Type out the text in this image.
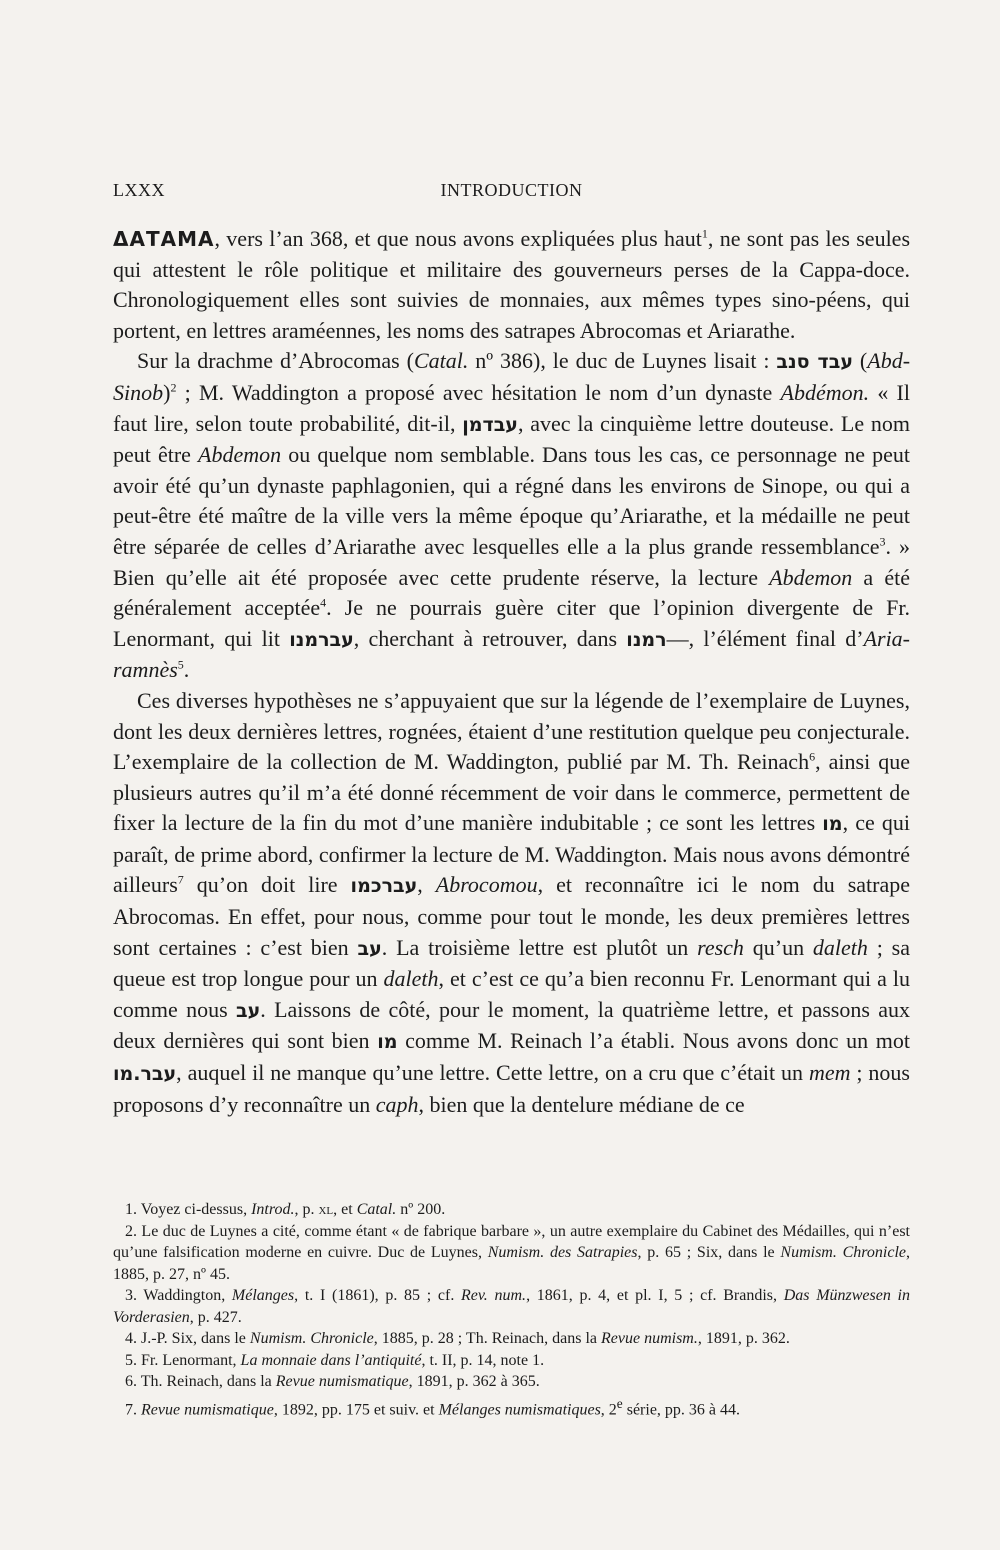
LXXX	INTRODUCTION

ΔΑΤΑΜΑ, vers l’an 368, et que nous avons expliquées plus haut$^1$, ne sont pas les seules qui attestent le rôle politique et militaire des gouverneurs perses de la Cappa-doce. Chronologiquement elles sont suivies de monnaies, aux mêmes types sino-péens, qui portent, en lettres araméennes, les noms des satrapes Abrocomas et Ariarathe.

Sur la drachme d’Abrocomas (Catal. nº 386), le duc de Luynes lisait : עבד סנב (Abd-Sinob)$^2$ ; M. Waddington a proposé avec hésitation le nom d’un dynaste Abdémon. « Il faut lire, selon toute probabilité, dit-il, עבדמן, avec la cinquième lettre douteuse. Le nom peut être Abdemon ou quelque nom semblable. Dans tous les cas, ce personnage ne peut avoir été qu’un dynaste paphlagonien, qui a régné dans les environs de Sinope, ou qui a peut-être été maître de la ville vers la même époque qu’Ariarathe, et la médaille ne peut être séparée de celles d’Ariarathe avec lesquelles elle a la plus grande ressemblance$^3$. » Bien qu’elle ait été proposée avec cette prudente réserve, la lecture Abdemon a été généralement acceptée$^4$. Je ne pourrais guère citer que l’opinion divergente de Fr. Lenormant, qui lit עברמנו, cherchant à retrouver, dans רמנו—, l’élément final d’Aria-ramnès$^5$.

Ces diverses hypothèses ne s’appuyaient que sur la légende de l’exemplaire de Luynes, dont les deux dernières lettres, rognées, étaient d’une restitution quelque peu conjecturale. L’exemplaire de la collection de M. Waddington, publié par M. Th. Reinach$^6$, ainsi que plusieurs autres qu’il m’a été donné récemment de voir dans le commerce, permettent de fixer la lecture de la fin du mot d’une manière indubitable ; ce sont les lettres מו, ce qui paraît, de prime abord, confirmer la lecture de M. Waddington. Mais nous avons démontré ailleurs$^7$ qu’on doit lire עברכמו, Abrocomou, et reconnaître ici le nom du satrape Abrocomas. En effet, pour nous, comme pour tout le monde, les deux premières lettres sont certaines : c’est bien עב. La troisième lettre est plutôt un resch qu’un daleth ; sa queue est trop longue pour un daleth, et c’est ce qu’a bien reconnu Fr. Lenormant qui a lu comme nous עב. Laissons de côté, pour le moment, la quatrième lettre, et passons aux deux dernières qui sont bien מו comme M. Reinach l’a établi. Nous avons donc un mot עבר.מו, auquel il ne manque qu’une lettre. Cette lettre, on a cru que c’était un mem ; nous proposons d’y reconnaître un caph, bien que la dentelure médiane de ce

1. Voyez ci-dessus, Introd., p. xl, et Catal. nº 200.

2. Le duc de Luynes a cité, comme étant « de fabrique barbare », un autre exemplaire du Cabinet des Médailles, qui n’est qu’une falsification moderne en cuivre. Duc de Luynes, Numism. des Satrapies, p. 65 ; Six, dans le Numism. Chronicle, 1885, p. 27, nº 45.

3. Waddington, Mélanges, t. I (1861), p. 85 ; cf. Rev. num., 1861, p. 4, et pl. I, 5 ; cf. Brandis, Das Münzwesen in Vorderasien, p. 427.

4. J.-P. Six, dans le Numism. Chronicle, 1885, p. 28 ; Th. Reinach, dans la Revue numism., 1891, p. 362.

5. Fr. Lenormant, La monnaie dans l’antiquité, t. II, p. 14, note 1.

6. Th. Reinach, dans la Revue numismatique, 1891, p. 362 à 365.

7. Revue numismatique, 1892, pp. 175 et suiv. et Mélanges numismatiques, 2e série, pp. 36 à 44.
